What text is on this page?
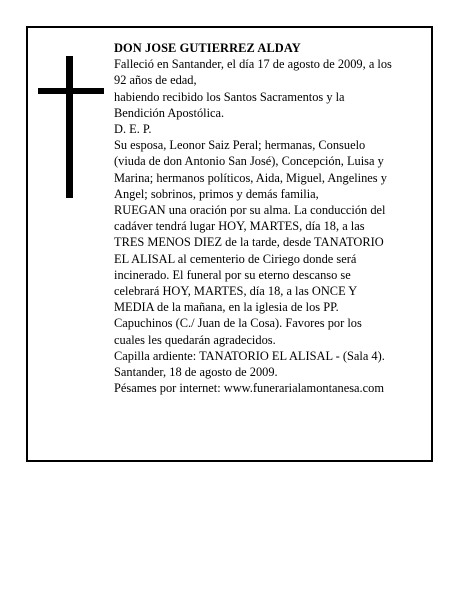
DON JOSE GUTIERREZ ALDAY
Falleció en Santander, el día 17 de agosto de 2009, a los
92 años de edad,
habiendo recibido los Santos Sacramentos y la
Bendición Apostólica.
D. E. P.
Su esposa, Leonor Saiz Peral; hermanas, Consuelo
(viuda de don Antonio San José), Concepción, Luisa y
Marina; hermanos políticos, Aida, Miguel, Angelines y
Angel; sobrinos, primos y demás familia,
RUEGAN una oración por su alma. La conducción del
cadáver tendrá lugar HOY, MARTES, día 18, a las
TRES MENOS DIEZ de la tarde, desde TANATORIO
EL ALISAL al cementerio de Ciriego donde será
incinerado. El funeral por su eterno descanso se
celebrará HOY, MARTES, día 18, a las ONCE Y
MEDIA de la mañana, en la iglesia de los PP.
Capuchinos (C./ Juan de la Cosa). Favores por los
cuales les quedarán agradecidos.
Capilla ardiente: TANATORIO EL ALISAL - (Sala 4).
Santander, 18 de agosto de 2009.
Pésames por internet: www.funerarialamontanesa.com
